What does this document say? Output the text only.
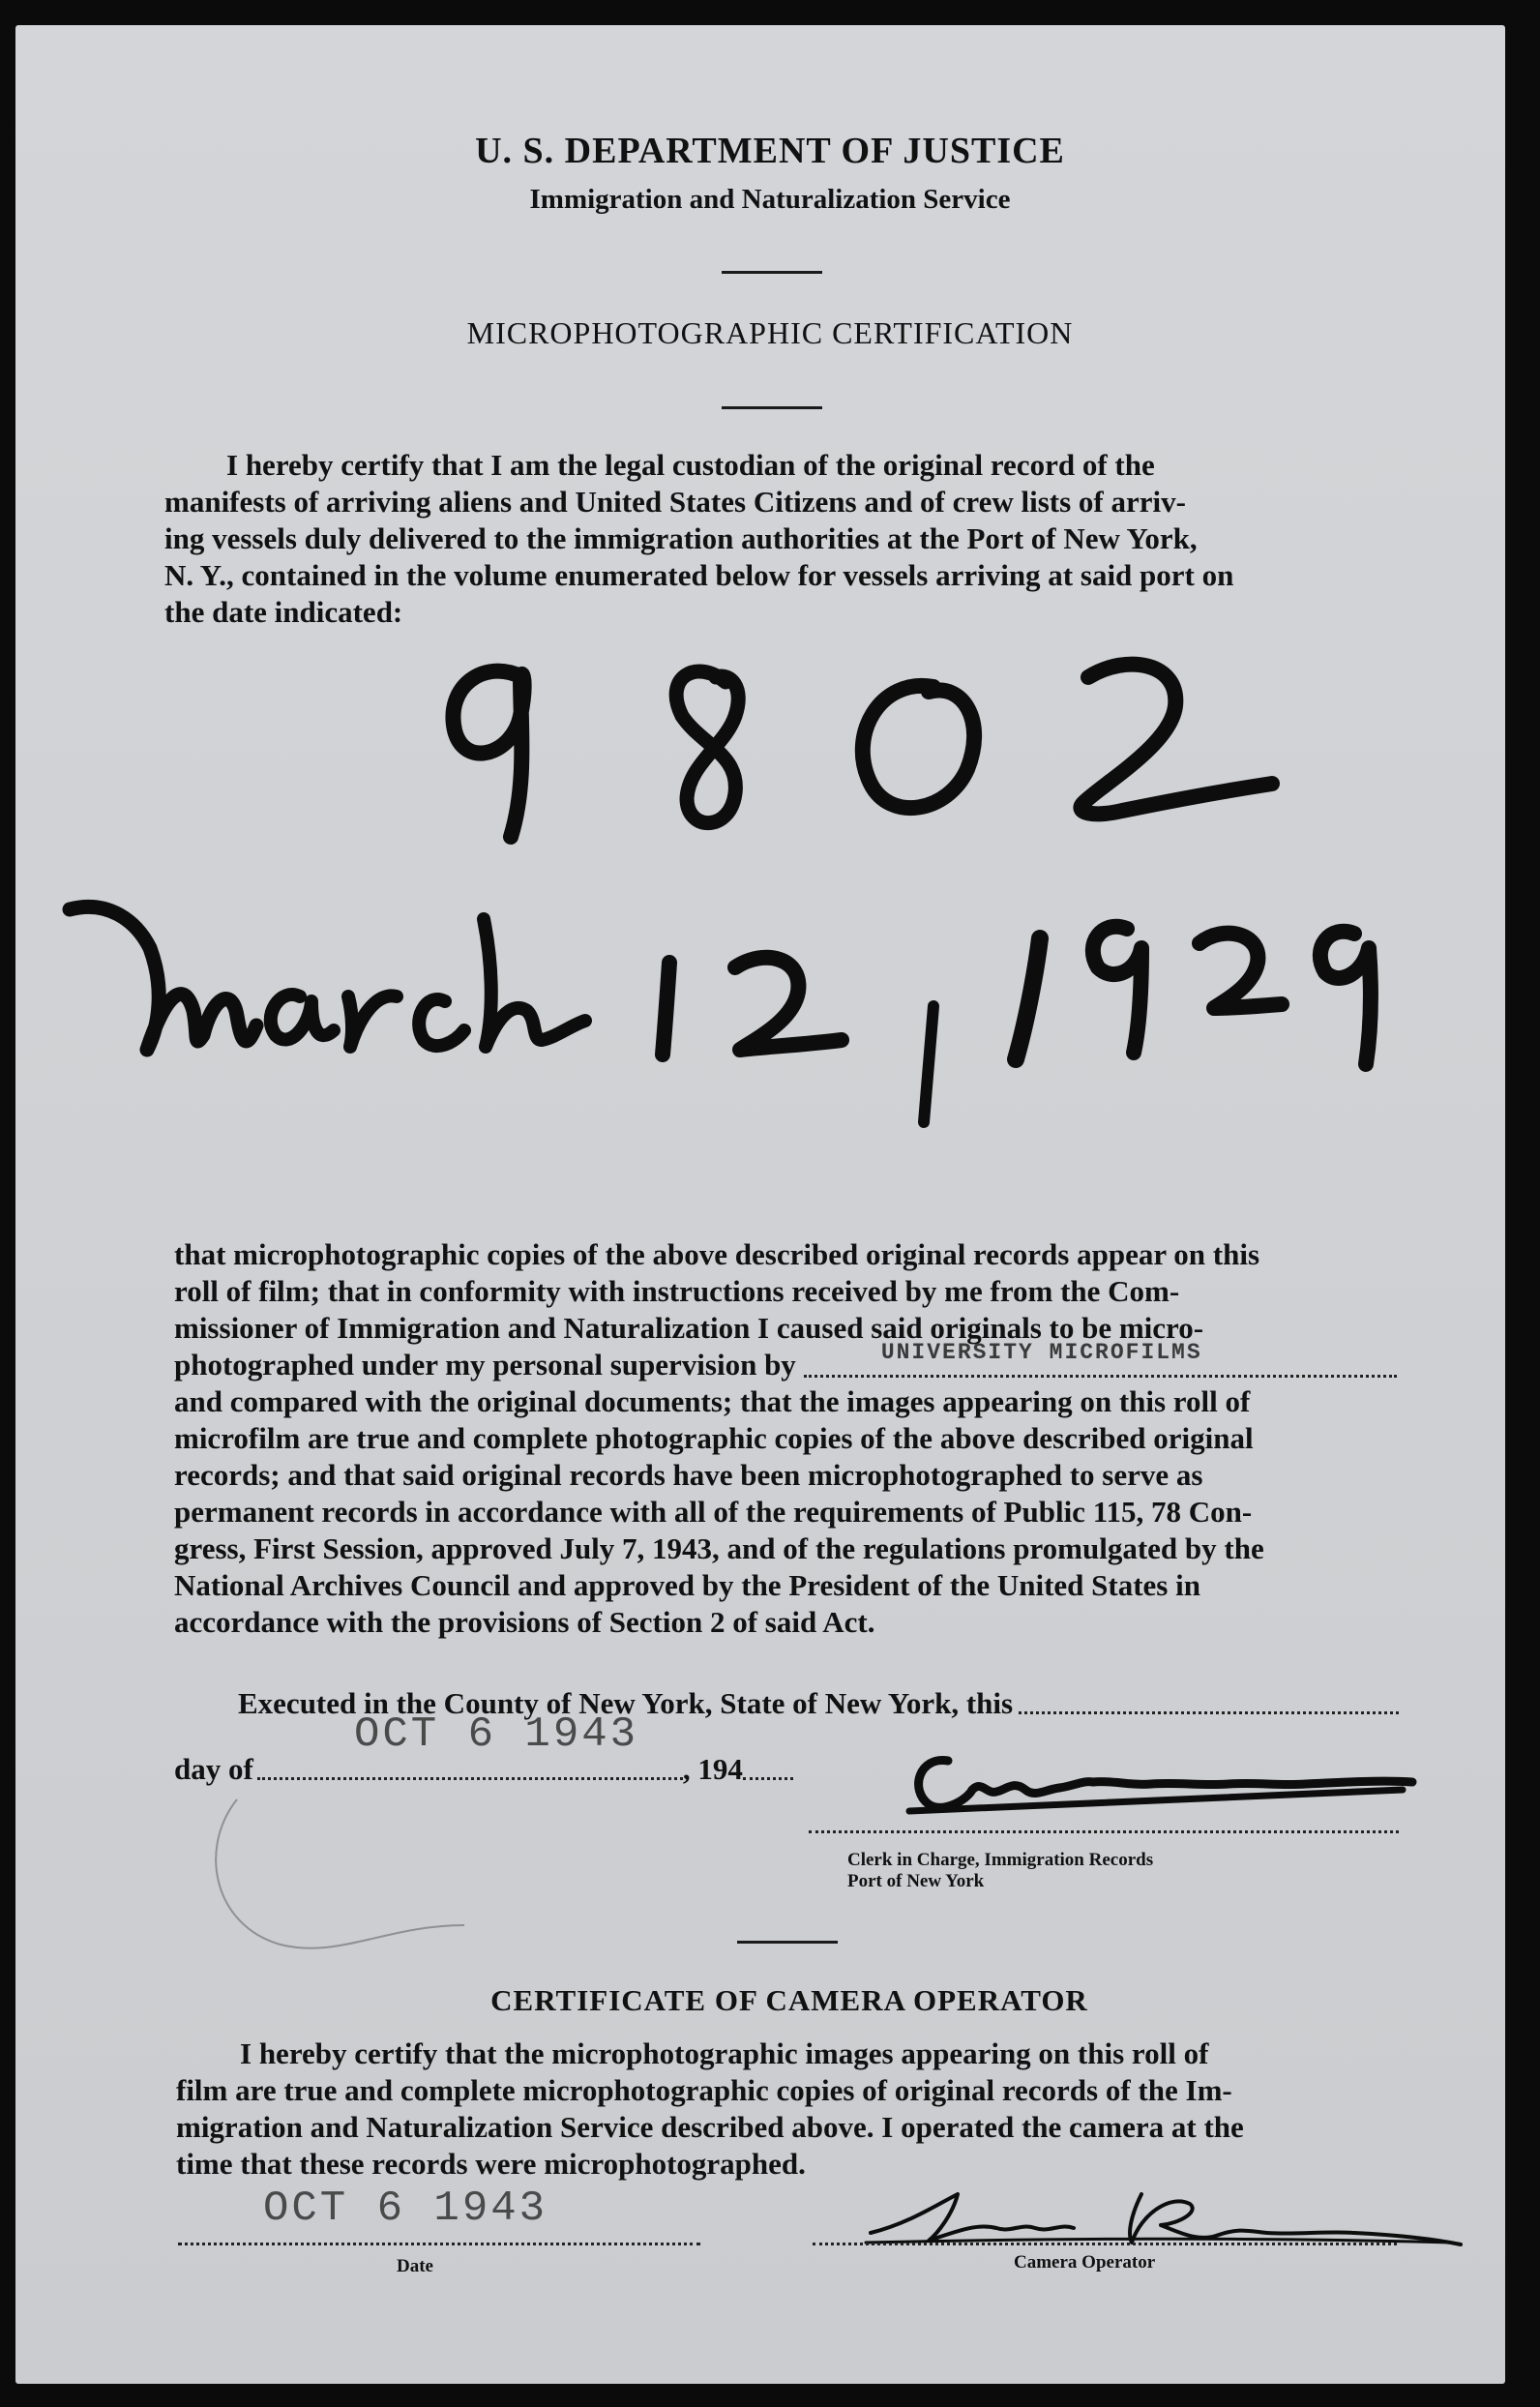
U. S. DEPARTMENT OF JUSTICE
Immigration and Naturalization Service
MICROPHOTOGRAPHIC CERTIFICATION
I hereby certify that I am the legal custodian of the original record of the
manifests of arriving aliens and United States Citizens and of crew lists of arriv-
ing vessels duly delivered to the immigration authorities at the Port of New York,
N. Y., contained in the volume enumerated below for vessels arriving at said port on
the date indicated:
that microphotographic copies of the above described original records appear on this
roll of film; that in conformity with instructions received by me from the Com-
missioner of Immigration and Naturalization I caused said originals to be micro-
photographed under my personal supervision by	UNIVERSITY MICROFILMS
and compared with the original documents; that the images appearing on this roll of
microfilm are true and complete photographic copies of the above described original
records; and that said original records have been microphotographed to serve as
permanent records in accordance with all of the requirements of Public 115, 78 Con-
gress, First Session, approved July 7, 1943, and of the regulations promulgated by the
National Archives Council and approved by the President of the United States in
accordance with the provisions of Section 2 of said Act.
Executed in the County of New York, State of New York, this
day of	, 194
OCT 6 1943
Clerk in Charge, Immigration Records
Port of New York
CERTIFICATE OF CAMERA OPERATOR
I hereby certify that the microphotographic images appearing on this roll of
film are true and complete microphotographic copies of original records of the Im-
migration and Naturalization Service described above. I operated the camera at the
time that these records were microphotographed.
OCT 6 1943
Date	Camera Operator
